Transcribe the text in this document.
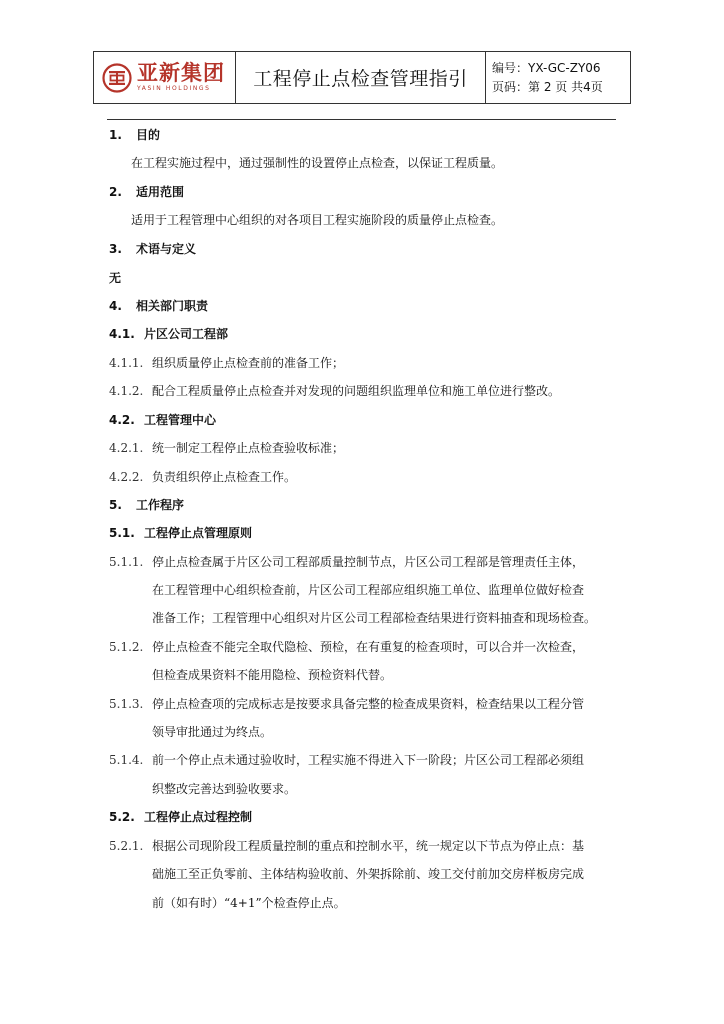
亚新集团
YASIN HOLDINGS	工程停止点检查管理指引
编号：YX-GC-ZY06
页码：第 2 页 共4页
1. 目的
在工程实施过程中，通过强制性的设置停止点检查，以保证工程质量。
2. 适用范围
适用于工程管理中心组织的对各项目工程实施阶段的质量停止点检查。
3. 术语与定义
无
4. 相关部门职责
4.1. 片区公司工程部
4.1.1. 组织质量停止点检查前的准备工作；
4.1.2. 配合工程质量停止点检查并对发现的问题组织监理单位和施工单位进行整改。
4.2. 工程管理中心
4.2.1. 统一制定工程停止点检查验收标准；
4.2.2. 负责组织停止点检查工作。
5. 工作程序
5.1. 工程停止点管理原则
5.1.1. 停止点检查属于片区公司工程部质量控制节点，片区公司工程部是管理责任主体，
在工程管理中心组织检查前，片区公司工程部应组织施工单位、监理单位做好检查
准备工作；工程管理中心组织对片区公司工程部检查结果进行资料抽查和现场检查。
5.1.2. 停止点检查不能完全取代隐检、预检，在有重复的检查项时，可以合并一次检查，
但检查成果资料不能用隐检、预检资料代替。
5.1.3. 停止点检查项的完成标志是按要求具备完整的检查成果资料，检查结果以工程分管
领导审批通过为终点。
5.1.4. 前一个停止点未通过验收时，工程实施不得进入下一阶段；片区公司工程部必须组
织整改完善达到验收要求。
5.2. 工程停止点过程控制
5.2.1. 根据公司现阶段工程质量控制的重点和控制水平，统一规定以下节点为停止点：基
础施工至正负零前、主体结构验收前、外架拆除前、竣工交付前加交房样板房完成
前（如有时）“4+1”个检查停止点。
